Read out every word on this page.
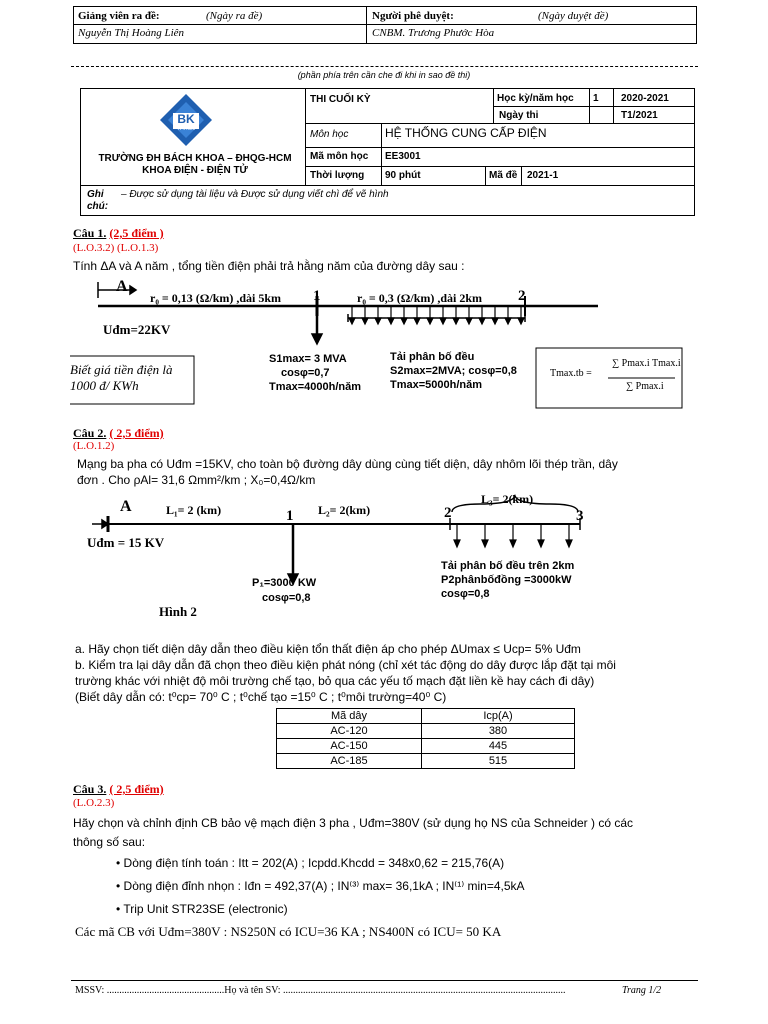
Giảng viên ra đề:	(Ngày ra đề)	Người phê duyệt:	(Ngày duyệt đề)
Nguyễn Thị Hoàng Liên	CNBM. Trương Phước Hòa
(phần phía trên cần che đi khi in sao đề thi)
BK
TP.HCM
TRƯỜNG ĐH BÁCH KHOA – ĐHQG-HCM
KHOA ĐIỆN - ĐIỆN TỬ
THI CUỐI KỲ	Học kỳ/năm học 1 2020-2021
Ngày thi	T1/2021
Môn học	HỆ THỐNG CUNG CẤP ĐIỆN
Mã môn học EE3001
Thời lượng 90 phút	Mã đề 2021-1
Ghi
chú:
– Được sử dụng tài liệu và Được sử dụng viết chì để vẽ hình
Câu 1. (2,5 điểm )
(L.O.3.2) (L.O.1.3)
Tính ΔA và A năm , tổng tiền điện phải trả hằng năm của đường dây sau :
A
1	2
r₀ = 0,13 (Ω/km) ,dài 5km	r₀ = 0,3 (Ω/km) ,dài 2km
Uđm=22KV
S1max= 3 MVA
cosφ=0,7
Tmax=4000h/năm
Tải phân bố đều
S2max=2MVA; cosφ=0,8
Tmax=5000h/năm
Biết giá tiền điện là 1000 đ/ KWh
Tmax.tb =
∑ Pmax.i Tmax.i
∑ Pmax.i
Câu 2. ( 2,5 điểm)
(L.O.1.2)
Mạng ba pha có Uđm =15KV, cho toàn bộ đường dây dùng cùng tiết diện, dây nhôm lõi thép trần, dây
đơn . Cho ρAl= 31,6 Ωmm²/km ; X₀=0,4Ω/km
A
1	2	3
L₁= 2 (km)	L₂= 2(km)
L₃= 2(km)
Uđm = 15 KV
P₁=3000 KW
cosφ=0,8
Tải phân bố đều trên 2km
P2phânbốđồng =3000kW
cosφ=0,8
Hình 2
a. Hãy chọn tiết diện dây dẫn theo điều kiện tổn thất điện áp cho phép ΔUmax ≤ Ucp= 5% Uđm
b. Kiểm tra lại dây dẫn đã chọn theo điều kiện phát nóng (chỉ xét tác động do dây được lắp đặt tại môi
trường khác với nhiệt độ môi trường chế tạo, bỏ qua các yếu tố mạch đặt liền kề hay cách đi dây)
(Biết dây dẫn có: t⁰cp= 70⁰ C ; t⁰chế tạo =15⁰ C ; t⁰môi trường=40⁰ C)
Mã dây	Icp(A)
AC-120	380
AC-150	445
AC-185	515
Câu 3. ( 2,5 điểm)
(L.O.2.3)
Hãy chọn và chỉnh định CB bảo vệ mạch điện 3 pha , Uđm=380V (sử dụng họ NS của Schneider ) có các
thông số sau:
• Dòng điện tính toán : Itt = 202(A) ; Icpdd.Khcdd = 348x0,62 = 215,76(A)
• Dòng điện đỉnh nhọn : Iđn = 492,37(A) ; IN⁽³⁾ max= 36,1kA ; IN⁽¹⁾ min=4,5kA
• Trip Unit STR23SE (electronic)
Các mã CB với Uđm=380V : NS250N có ICU=36 KA ; NS400N có ICU= 50 KA
MSSV: ...............................................Họ và tên SV: .................................................................................................................	Trang 1/2
